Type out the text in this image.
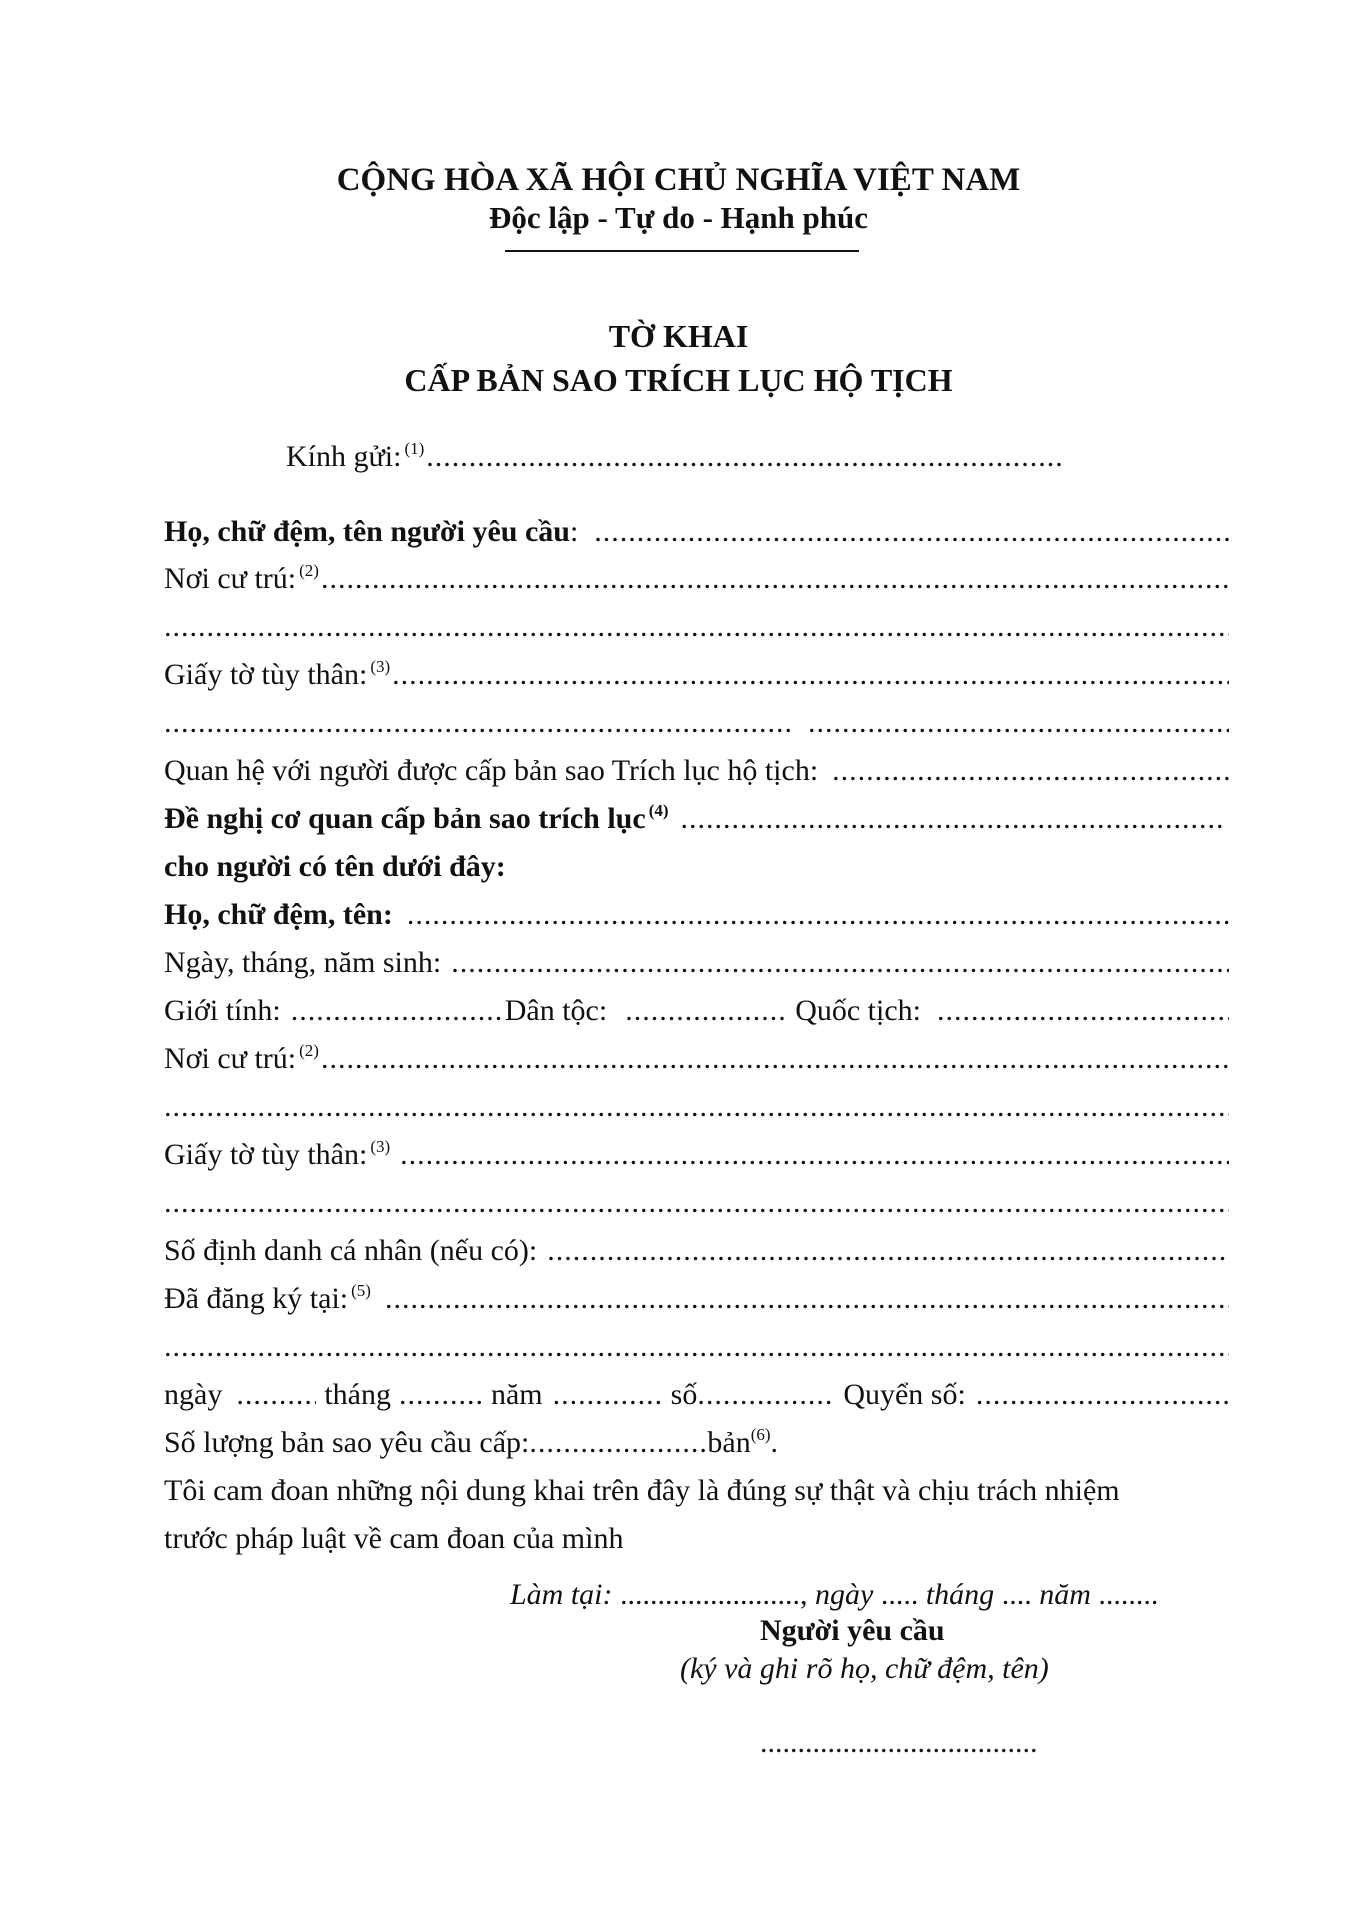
CỘNG HÒA XÃ HỘI CHỦ NGHĨA VIỆT NAM
Độc lập - Tự do - Hạnh phúc
TỜ KHAI
CẤP BẢN SAO TRÍCH LỤC HỘ TỊCH
Kính gửi: (1)
.....
Họ, chữ đệm, tên người yêu cầu :
.....
Nơi cư trú: (2)
.....
.....
Giấy tờ tùy thân: (3)
.....
.....
.....
Quan hệ với người được cấp bản sao Trích lục hộ tịch:
.....
Đề nghị cơ quan cấp bản sao trích lục (4)
.....
cho người có tên dưới đây:
Họ, chữ đệm, tên:
.....
Ngày, tháng, năm sinh:
.....
Giới tính: .....	Dân tộc: .....	Quốc tịch:
.....
Nơi cư trú: (2)
.....
.....
Giấy tờ tùy thân: (3)
.....
.....
Số định danh cá nhân (nếu có):
.....
Đã đăng ký tại: (5)
.....
.....
ngày .....	tháng .....	năm .....	số .....	Quyển số:
.....
Số lượng bản sao yêu cầu cấp: .....	bản (6) .
Tôi cam đoan những nội dung khai trên đây là đúng sự thật và chịu trách nhiệm
trước pháp luật về cam đoan của mình
Làm tại: ........................, ngày ..... tháng .... năm ........
Người yêu cầu
(ký và ghi rõ họ, chữ đệm, tên)
.....................................
